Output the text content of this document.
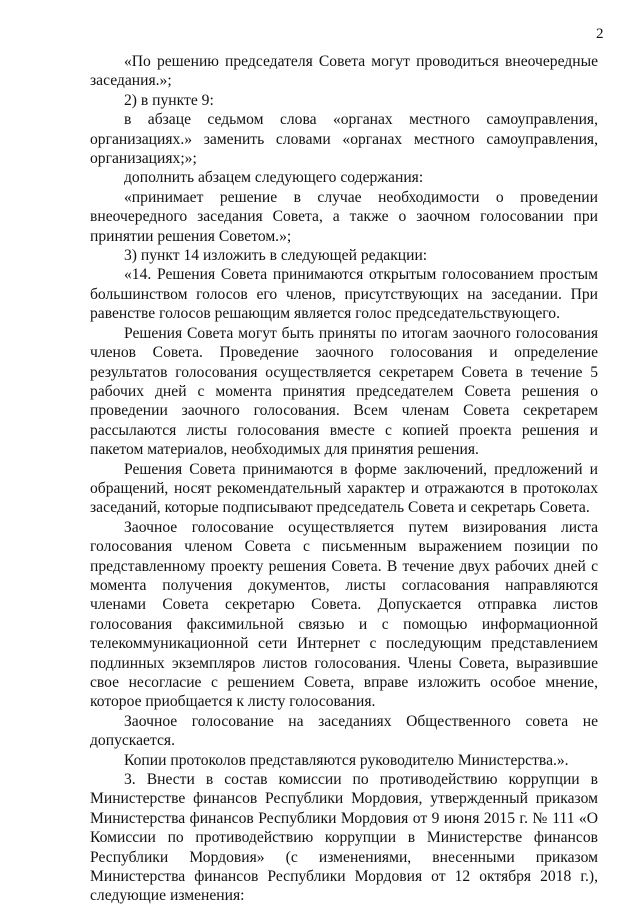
2

«По решению председателя Совета могут проводиться внеочередные заседания.»;

2) в пункте 9:

в абзаце седьмом слова «органах местного самоуправления, организациях.» заменить словами «органах местного самоуправления, организациях;»;

дополнить абзацем следующего содержания:

«принимает решение в случае необходимости о проведении внеочередного заседания Совета, а также о заочном голосовании при принятии решения Советом.»;

3) пункт 14 изложить в следующей редакции:

«14. Решения Совета принимаются открытым голосованием простым большинством голосов его членов, присутствующих на заседании. При равенстве голосов решающим является голос председательствующего.

Решения Совета могут быть приняты по итогам заочного голосования членов Совета. Проведение заочного голосования и определение результатов голосования осуществляется секретарем Совета в течение 5 рабочих дней с момента принятия председателем Совета решения о проведении заочного голосования. Всем членам Совета секретарем рассылаются листы голосования вместе с копией проекта решения и пакетом материалов, необходимых для принятия решения.

Решения Совета принимаются в форме заключений, предложений и обращений, носят рекомендательный характер и отражаются в протоколах заседаний, которые подписывают председатель Совета и секретарь Совета.

Заочное голосование осуществляется путем визирования листа голосования членом Совета с письменным выражением позиции по представленному проекту решения Совета. В течение двух рабочих дней с момента получения документов, листы согласования направляются членами Совета секретарю Совета. Допускается отправка листов голосования факсимильной связью и с помощью информационной телекоммуникационной сети Интернет с последующим представлением подлинных экземпляров листов голосования. Члены Совета, выразившие свое несогласие с решением Совета, вправе изложить особое мнение, которое приобщается к листу голосования.

Заочное голосование на заседаниях Общественного совета не допускается.

Копии протоколов представляются руководителю Министерства.».

3. Внести в состав комиссии по противодействию коррупции в Министерстве финансов Республики Мордовия, утвержденный приказом Министерства финансов Республики Мордовия от 9 июня 2015 г. № 111 «О Комиссии по противодействию коррупции в Министерстве финансов Республики Мордовия» (с изменениями, внесенными приказом Министерства финансов Республики Мордовия от 12 октября 2018 г.), следующие изменения:
